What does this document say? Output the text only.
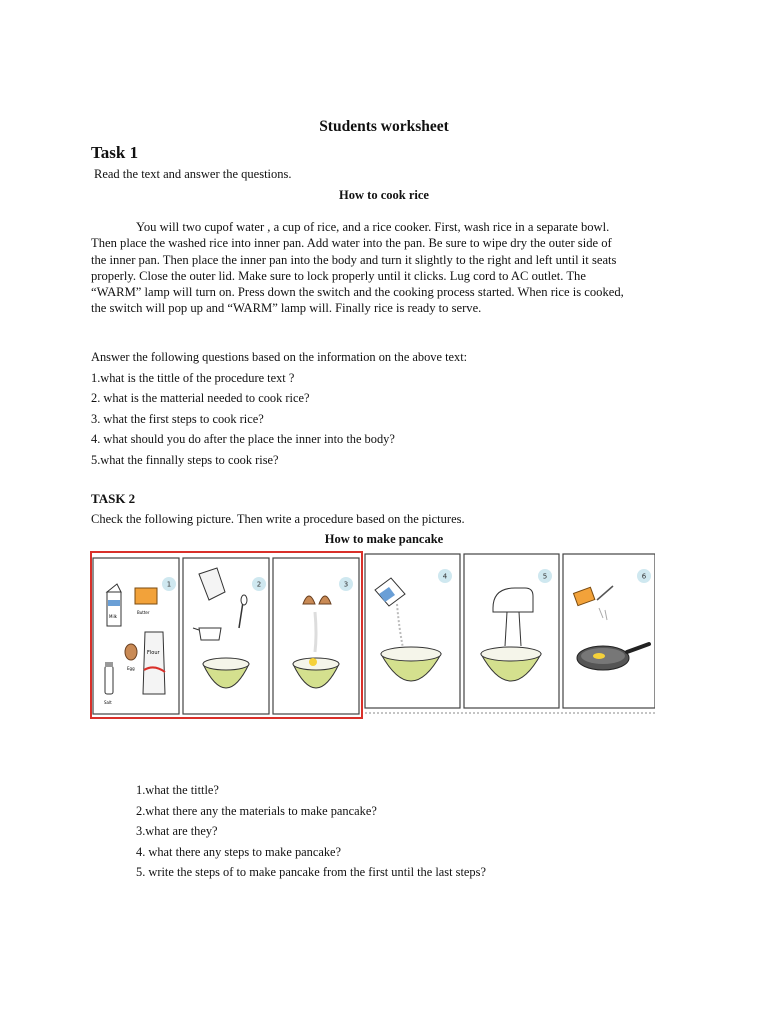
Students worksheet
Task 1
Read the text and answer the questions.
How to cook rice
You will two cupof water , a cup of rice, and a rice cooker. First, wash rice in a separate bowl.
Then place the washed rice into inner pan. Add water into the pan. Be sure to wipe dry the outer side of
the inner pan. Then place the inner pan into the body and turn it slightly to the right and left until it seats
properly. Close the outer lid. Make sure to lock properly until it clicks. Lug cord to AC outlet. The
“WARM” lamp will turn on. Press down the switch and the cooking process started. When rice is cooked,
the switch will pop up and “WARM” lamp will. Finally rice is ready to serve.
Answer the following questions based on the information on the above text:
1.what is the tittle of the procedure text ?
2. what is the matterial needed to cook rice?
3. what the first steps to cook rice?
4. what should you do after the place the inner into the body?
5.what the finnally steps to cook rise?
TASK 2
Check the following picture. Then write a procedure based on the pictures.
How to make pancake
1	2	3
4	5	6
Milk
Butter
Egg
Flour
Salt
1.what the tittle?
2.what there any the materials to make pancake?
3.what are they?
4. what there any steps to make pancake?
5. write the steps of to make pancake from the first until the last steps?
